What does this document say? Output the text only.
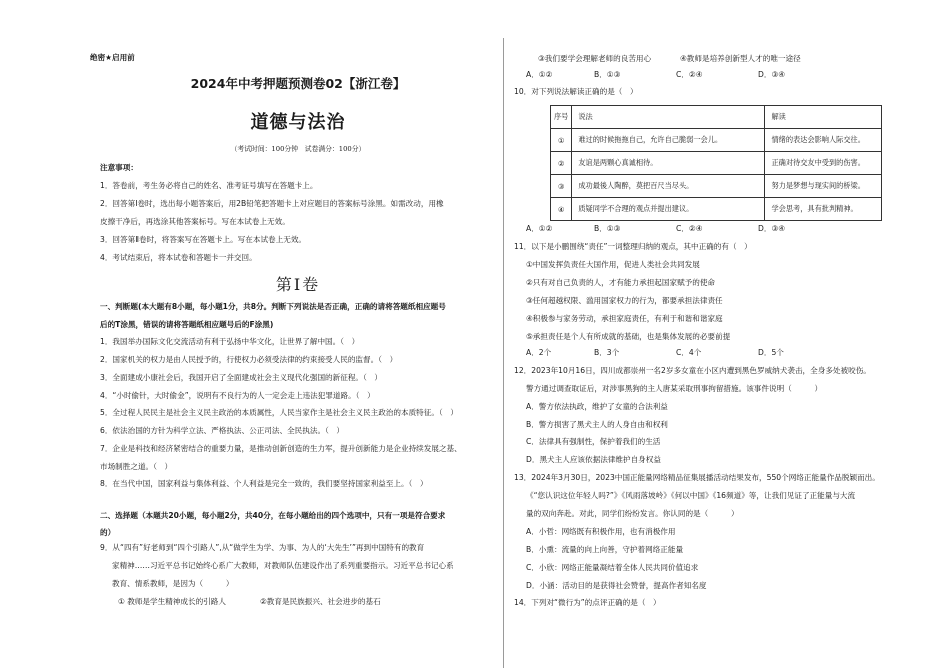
绝密★启用前
2024年中考押题预测卷02【浙江卷】
道德与法治
（考试时间：100分钟　试卷满分：100分）
注意事项：
1．答卷前，考生务必将自己的姓名、准考证号填写在答题卡上。
2．回答第Ⅰ卷时，选出每小题答案后，用2B铅笔把答题卡上对应题目的答案标号涂黑。如需改动，用橡
皮擦干净后，再选涂其他答案标号。写在本试卷上无效。
3．回答第Ⅱ卷时，将答案写在答题卡上。写在本试卷上无效。
4．考试结束后，将本试卷和答题卡一并交回。
第Ⅰ卷
一、判断题(本大题有8小题，每小题1分，共8分。判断下列说法是否正确，正确的请将答题纸相应题号
后的T涂黑，错误的请将答题纸相应题号后的F涂黑)
1．我国举办国际文化交流活动有利于弘扬中华文化，让世界了解中国。（　）
2．国家机关的权力是由人民授予的，行使权力必须受法律的约束接受人民的监督。（　）
3．全面建成小康社会后，我国开启了全面建成社会主义现代化强国的新征程。（　）
4．“小时偷针，大时偷金”，说明有不良行为的人一定会走上违法犯罪道路。（　）
5．全过程人民民主是社会主义民主政治的本质属性，人民当家作主是社会主义民主政治的本质特征。（　）
6．依法治国的方针为科学立法、严格执法、公正司法、全民执法。（　）
7．企业是科技和经济紧密结合的重要力量，是推动创新创造的生力军，提升创新能力是企业持续发展之基、
市场制胜之道。（　）
8．在当代中国，国家利益与集体利益、个人利益是完全一致的，我们要坚持国家利益至上。（　）
二、选择题（本题共20小题，每小题2分，共40分，在每小题给出的四个选项中，只有一项是符合要求
的）
9．从“四有”好老师到“四个引路人”,从“做学生为学、为事、为人的‘大先生’”再到中国特有的教育
家精神……习近平总书记始终心系广大教师，对教师队伍建设作出了系列重要指示。习近平总书记心系
教育、情系教师，是因为（　　　）
① 教师是学生精神成长的引路人	②教育是民族振兴、社会进步的基石
③我们要学会理解老师的良苦用心	④教师是培养创新型人才的唯一途径
A．①②	B．①③	C．②④	D．③④
10．对下列说法解读正确的是（　）
序号	说法	解读
①	难过的时候拖拖自己，允许自己脆弱一会儿。	情绪的表达会影响人际交往。
②	友谊是两颗心真诚相待。	正确对待交友中受到的伤害。
③	成功最後人陶醉，莫把百尺当尽头。	努力是梦想与现实间的桥梁。
④	质疑同学不合理的观点并提出建议。	学会思考，具有批判精神。
A．①②	B．①③	C．②④	D．③④
11．以下是小鹏围绕“责任”一词整理归纳的观点，其中正确的有（　）
①中国发挥负责任大国作用，促进人类社会共同发展
②只有对自己负责的人，才有能力承担起国家赋予的使命
③任何超越权限、滥用国家权力的行为，都要承担法律责任
④积极参与家务劳动，承担家庭责任，有利于和谐和谐家庭
⑤承担责任是个人有所成就的基础，也是集体发展的必要前提
A．2个	B．3个	C．4个	D．5个
12．2023年10月16日，四川成都崇州一名2岁多女童在小区内遭到黑色罗威纳犬袭击，全身多处被咬伤。
警方通过调查取证后，对涉事黑狗的主人唐某采取刑事拘留措施。该事件说明（　　　）
A．警方依法执政，维护了女童的合法利益
B．警方损害了黑犬主人的人身自由和权利
C．法律具有强制性，保护着我们的生活
D．黑犬主人应该依据法律维护自身权益
13．2024年3月30日，2023中国正能量网络精品征集展播活动结果发布，550个网络正能量作品脱颖而出。
《“您认识这位年轻人吗?”》《风雨落坡岭》《何以中国》《16频道》等，让我们见证了正能量与大流
量的双向奔赴。对此，同学们纷纷发言。你认同的是（　　　）
A．小哲：网络既有积极作用，也有消极作用
B．小熏：流量的向上向善，守护着网络正能量
C．小欣：网络正能量凝结着全体人民共同价值追求
D．小涵：活动目的是获得社会赞誉，提高作者知名度
14．下列对“微行为”的点评正确的是（　）
